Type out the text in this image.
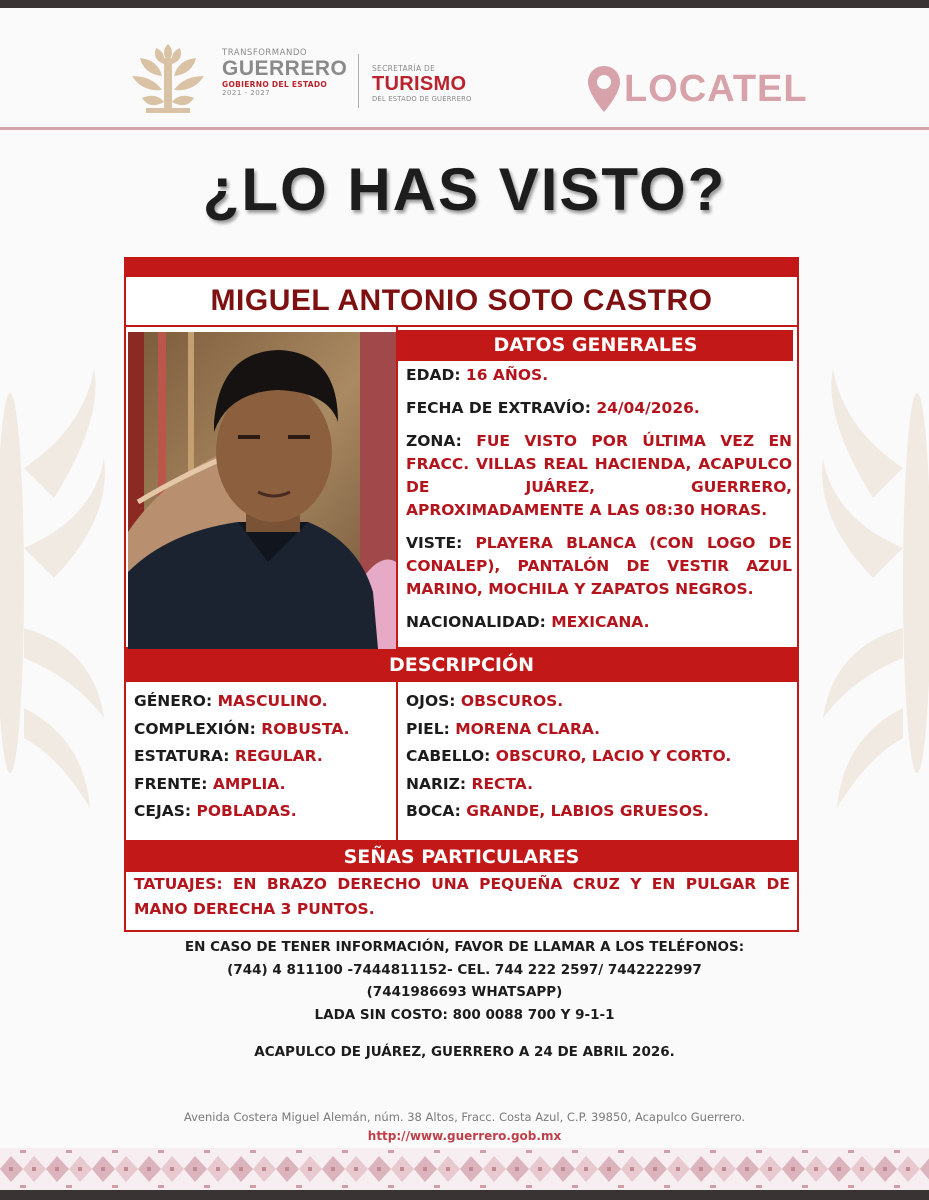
TRANSFORMANDO
GUERRERO
GOBIERNO DEL ESTADO
2021 - 2027
SECRETARÍA DE
TURISMO
DEL ESTADO DE GUERRERO	LOCATEL
¿LO HAS VISTO?
MIGUEL ANTONIO SOTO CASTRO
DATOS GENERALES
EDAD: 16 AÑOS.
FECHA DE EXTRAVÍO: 24/04/2026.
ZONA: FUE VISTO POR ÚLTIMA VEZ EN FRACC. VILLAS REAL HACIENDA, ACAPULCO DE JUÁREZ, GUERRERO, APROXIMADAMENTE A LAS 08:30 HORAS.
VISTE: PLAYERA BLANCA (CON LOGO DE CONALEP), PANTALÓN DE VESTIR AZUL MARINO, MOCHILA Y ZAPATOS NEGROS.
NACIONALIDAD: MEXICANA.
DESCRIPCIÓN
GÉNERO: MASCULINO.
COMPLEXIÓN: ROBUSTA.
ESTATURA: REGULAR.
FRENTE: AMPLIA.
CEJAS: POBLADAS.
OJOS: OBSCUROS.
PIEL: MORENA CLARA.
CABELLO: OBSCURO, LACIO Y CORTO.
NARIZ: RECTA.
BOCA: GRANDE, LABIOS GRUESOS.
SEÑAS PARTICULARES
TATUAJES: EN BRAZO DERECHO UNA PEQUEÑA CRUZ Y EN PULGAR DE MANO DERECHA 3 PUNTOS.
EN CASO DE TENER INFORMACIÓN, FAVOR DE LLAMAR A LOS TELÉFONOS:
(744) 4 811100 -7444811152- CEL. 744 222 2597/ 7442222997
(7441986693 WHATSAPP)
LADA SIN COSTO: 800 0088 700 Y 9-1-1
ACAPULCO DE JUÁREZ, GUERRERO A 24 DE ABRIL 2026.
Avenida Costera Miguel Alemán, núm. 38 Altos, Fracc. Costa Azul, C.P. 39850, Acapulco Guerrero.
http://www.guerrero.gob.mx
